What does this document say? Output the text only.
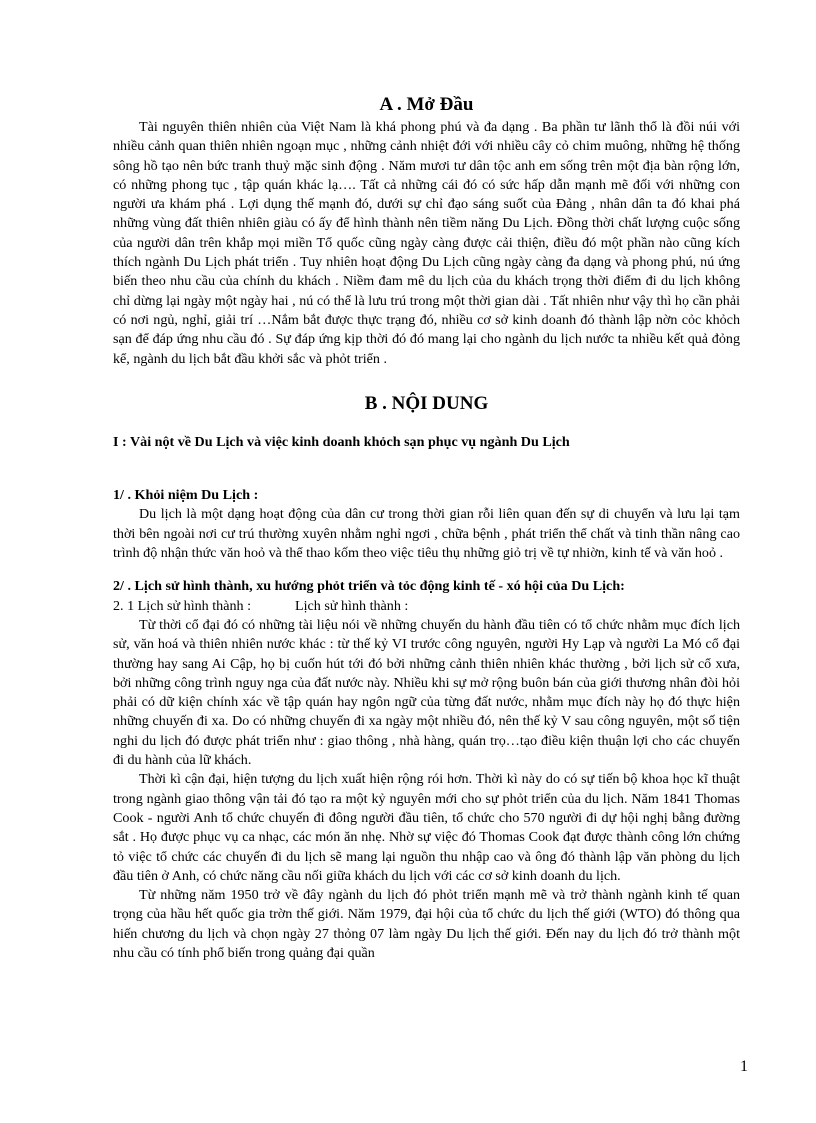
A . Mở Đầu

Tài nguyên thiên nhiên của Việt Nam là khá phong phú và đa dạng . Ba phần tư lãnh thổ là đồi núi với nhiều cảnh quan thiên nhiên ngoạn mục , những cảnh nhiệt đới với nhiều cây cỏ chim muông, những hệ thống sông hồ tạo nên bức tranh thuỷ mặc sinh động . Năm mươi tư dân tộc anh em sống trên một địa bàn rộng lớn, có những phong tục , tập quán khác lạ…. Tất cả những cái đó có sức hấp dẫn mạnh mẽ đối với những con người ưa khám phá . Lợi dụng thế mạnh đó, dưới sự chỉ đạo sáng suốt của Đảng , nhân dân ta đó khai phá những vùng đất thiên nhiên giàu có ấy để hình thành nên tiềm năng Du Lịch. Đồng thời chất lượng cuộc sống của người dân trên khắp mọi miền Tổ quốc cũng ngày càng được cải thiện, điều đó một phần nào cũng kích thích ngành Du Lịch phát triển . Tuy nhiên hoạt động Du Lịch cũng ngày càng đa dạng và phong phú, nú ứng biến theo nhu cầu của chính du khách . Niềm đam mê du lịch của du khách trọng thời điểm đi du lịch không chỉ dừng lại ngày một ngày hai , nú có thể là lưu trú trong một thời gian dài . Tất nhiên như vậy thì họ cần phải có nơi ngủ, nghỉ, giải trí …Nắm bắt được thực trạng đó, nhiều cơ sở kinh doanh đó thành lập nờn cỏc khỏch sạn để đáp ứng nhu cầu đó . Sự đáp ứng kịp thời đó đó mang lại cho ngành du lịch nước ta nhiều kết quả đỏng kể, ngành du lịch bắt đầu khởi sắc và phỏt triển .

B . NỘI DUNG

I : Vài nột về Du Lịch và việc kinh doanh khỏch sạn phục vụ ngành Du Lịch

1/ . Khỏi niệm Du Lịch :

Du lịch là một dạng hoạt động của dân cư trong thời gian rỗi liên quan đến sự di chuyển và lưu lại tạm thời bên ngoài nơi cư trú thường xuyên nhằm nghỉ ngơi , chữa bệnh , phát triển thể chất và tinh thần nâng cao trình độ nhận thức văn hoỏ và thể thao kốm theo việc tiêu thụ những giỏ trị về tự nhiờn, kinh tế và văn hoỏ .

2/ . Lịch sử hình thành, xu hướng phỏt triển và tỏc động kinh tế - xó hội của Du Lịch:

2. 1 Lịch sử hình thành :	Lịch sử hình thành :

Từ thời cổ đại đó có những tài liệu nói về những chuyến du hành đầu tiên có tổ chức nhằm mục đích lịch sử, văn hoá và thiên nhiên nước khác : từ thế kỷ VI trước công nguyên, người Hy Lạp và người La Mó cổ đại thường hay sang Ai Cập, họ bị cuốn hút tới đó bởi những cảnh thiên nhiên khác thường , bởi lịch sử cổ xưa, bởi những công trình nguy nga của đất nước này. Nhiều khi sự mở rộng buôn bán của giới thương nhân đòi hỏi phải có dữ kiện chính xác về tập quán hay ngôn ngữ của từng đất nước, nhằm mục đích này họ đó thực hiện những chuyến đi xa. Do có những chuyến đi xa ngày một nhiều đó, nên thế kỷ V sau công nguyên, một số tiện nghi du lịch đó được phát triển như : giao thông , nhà hàng, quán trọ…tạo điều kiện thuận lợi cho các chuyến đi du hành của lữ khách.

Thời kì cận đại, hiện tượng du lịch xuất hiện rộng rói hơn. Thời kì này do có sự tiến bộ khoa học kĩ thuật trong ngành giao thông vận tải đó tạo ra một kỷ nguyên mới cho sự phỏt triển của du lịch. Năm 1841 Thomas Cook - người Anh tổ chức chuyến đi đông người đầu tiên, tổ chức cho 570 người đi dự hội nghị bằng đường sắt . Họ được phục vụ ca nhạc, các món ăn nhẹ. Nhờ sự việc đó Thomas Cook đạt được thành công lớn chứng tỏ việc tổ chức các chuyến đi du lịch sẽ mang lại nguồn thu nhập cao và ông đó thành lập văn phòng du lịch đầu tiên ở Anh, có chức năng cầu nối giữa khách du lịch với các cơ sở kinh doanh du lịch.

Từ những năm 1950 trở về đây ngành du lịch đó phỏt triển mạnh mẽ và trở thành ngành kinh tế quan trọng của hầu hết quốc gia trờn thế giới. Năm 1979, đại hội của tổ chức du lịch thế giới (WTO) đó thông qua hiến chương du lịch và chọn ngày 27 thỏng 07 làm ngày Du lịch thế giới. Đến nay du lịch đó trở thành một nhu cầu có tính phổ biến trong quảng đại quần

1
